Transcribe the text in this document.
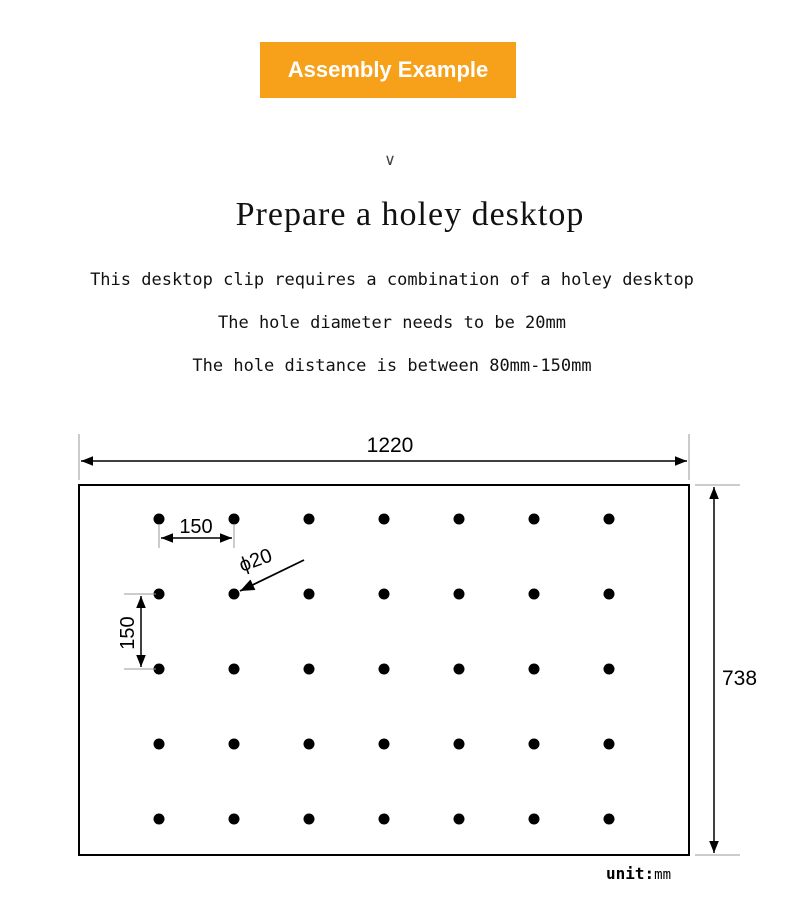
Assembly Example
∨
Prepare a holey desktop
This desktop clip requires a combination of a holey desktop
The hole diameter needs to be 20mm
The hole distance is between 80mm-150mm
1220
738
150
150
ϕ20
unit:mm
